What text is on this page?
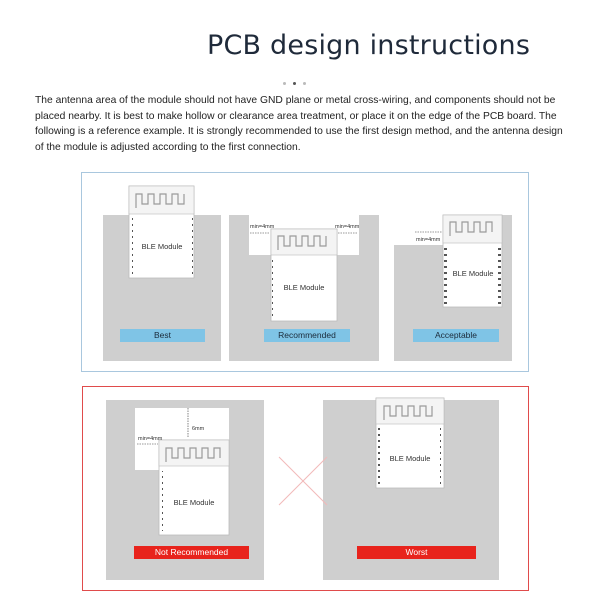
PCB design instructions
The antenna area of the module should not have GND plane or metal cross-wiring, and components should not be placed nearby. It is best to make hollow or clearance area treatment, or place it on the edge of the PCB board. The following is a reference example. It is strongly recommended to use the first design method, and the antenna design of the module is adjusted according to the first connection.
BLE Module
BLE Module
min=4mm	min=4mm
BLE Module
min=4mm
BLE Module
min=4mm
6mm
BLE Module
Best	Recommended	Acceptable
Not Recommended	Worst
